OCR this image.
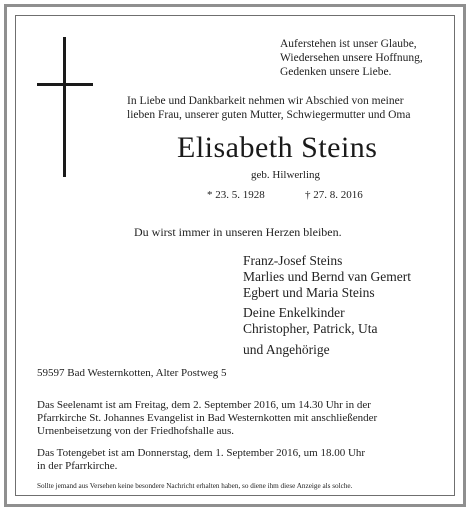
Auferstehen ist unser Glaube,
Wiedersehen unsere Hoffnung,
Gedenken unsere Liebe.
In Liebe und Dankbarkeit nehmen wir Abschied von meiner
lieben Frau, unserer guten Mutter, Schwiegermutter und Oma
Elisabeth Steins
geb. Hilwerling
* 23. 5. 1928	† 27. 8. 2016
Du wirst immer in unseren Herzen bleiben.
Franz-Josef Steins
Marlies und Bernd van Gemert
Egbert und Maria Steins
Deine Enkelkinder
Christopher, Patrick, Uta
und Angehörige
59597 Bad Westernkotten, Alter Postweg 5
Das Seelenamt ist am Freitag, dem 2. September 2016, um 14.30 Uhr in der
Pfarrkirche St. Johannes Evangelist in Bad Westernkotten mit anschließender
Urnenbeisetzung von der Friedhofshalle aus.
Das Totengebet ist am Donnerstag, dem 1. September 2016, um 18.00 Uhr
in der Pfarrkirche.
Sollte jemand aus Versehen keine besondere Nachricht erhalten haben, so diene ihm diese Anzeige als solche.
